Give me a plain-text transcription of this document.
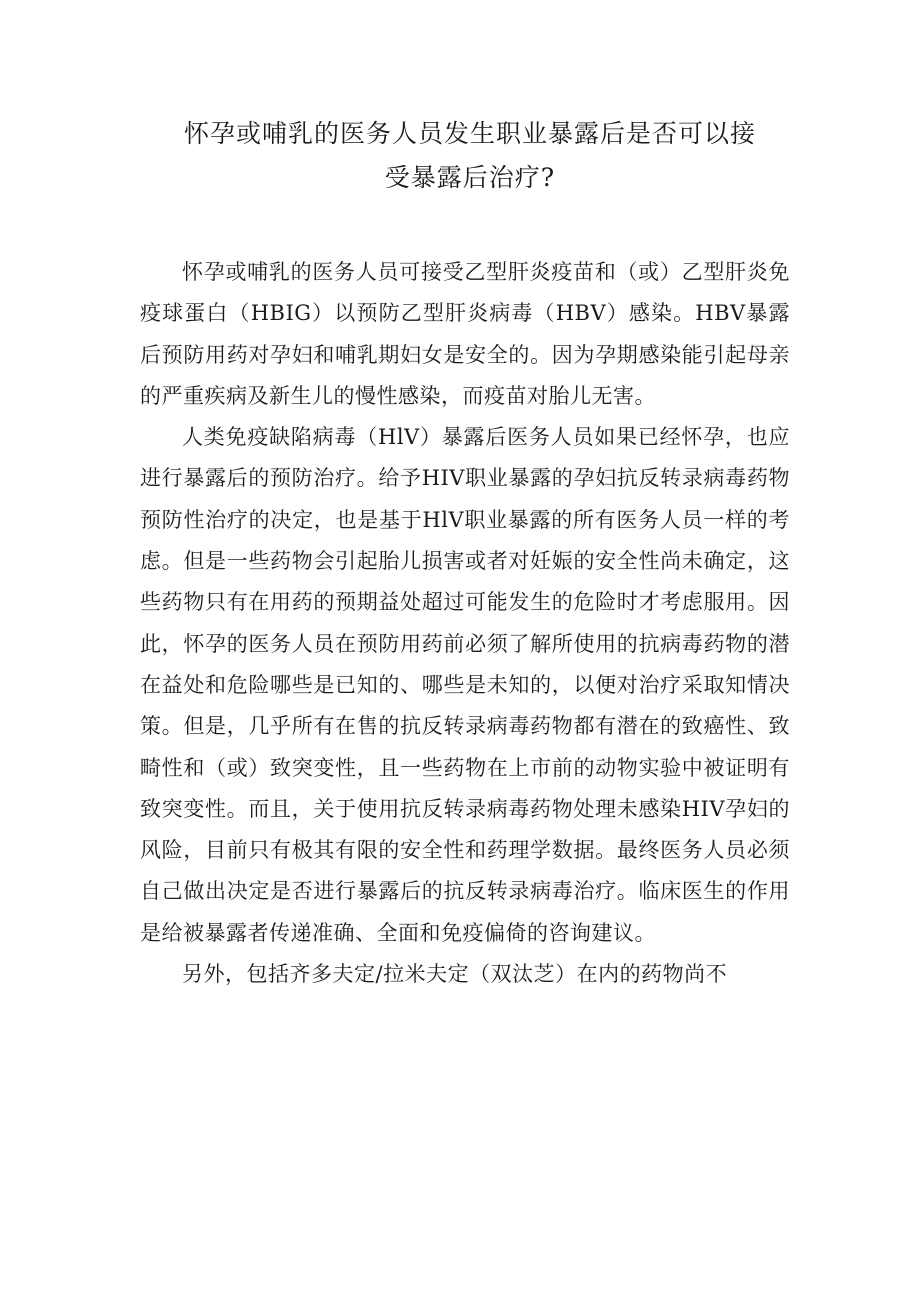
怀孕或哺乳的医务人员发生职业暴露后是否可以接
受暴露后治疗?

怀孕或哺乳的医务人员可接受乙型肝炎疫苗和（或）乙型肝炎免疫球蛋白（HBIG）以预防乙型肝炎病毒（HBV）感染。HBV暴露后预防用药对孕妇和哺乳期妇女是安全的。因为孕期感染能引起母亲的严重疾病及新生儿的慢性感染，而疫苗对胎儿无害。

人类免疫缺陷病毒（HlV）暴露后医务人员如果已经怀孕，也应进行暴露后的预防治疗。给予HIV职业暴露的孕妇抗反转录病毒药物预防性治疗的决定，也是基于HlV职业暴露的所有医务人员一样的考虑。但是一些药物会引起胎儿损害或者对妊娠的安全性尚未确定，这些药物只有在用药的预期益处超过可能发生的危险时才考虑服用。因此，怀孕的医务人员在预防用药前必须了解所使用的抗病毒药物的潜在益处和危险哪些是已知的、哪些是未知的，以便对治疗采取知情决策。但是，几乎所有在售的抗反转录病毒药物都有潜在的致癌性、致畸性和（或）致突变性，且一些药物在上市前的动物实验中被证明有致突变性。而且，关于使用抗反转录病毒药物处理未感染HIV孕妇的风险，目前只有极其有限的安全性和药理学数据。最终医务人员必须自己做出决定是否进行暴露后的抗反转录病毒治疗。临床医生的作用是给被暴露者传递准确、全面和免疫偏倚的咨询建议。

另外，包括齐多夫定/拉米夫定（双汰芝）在内的药物尚不
